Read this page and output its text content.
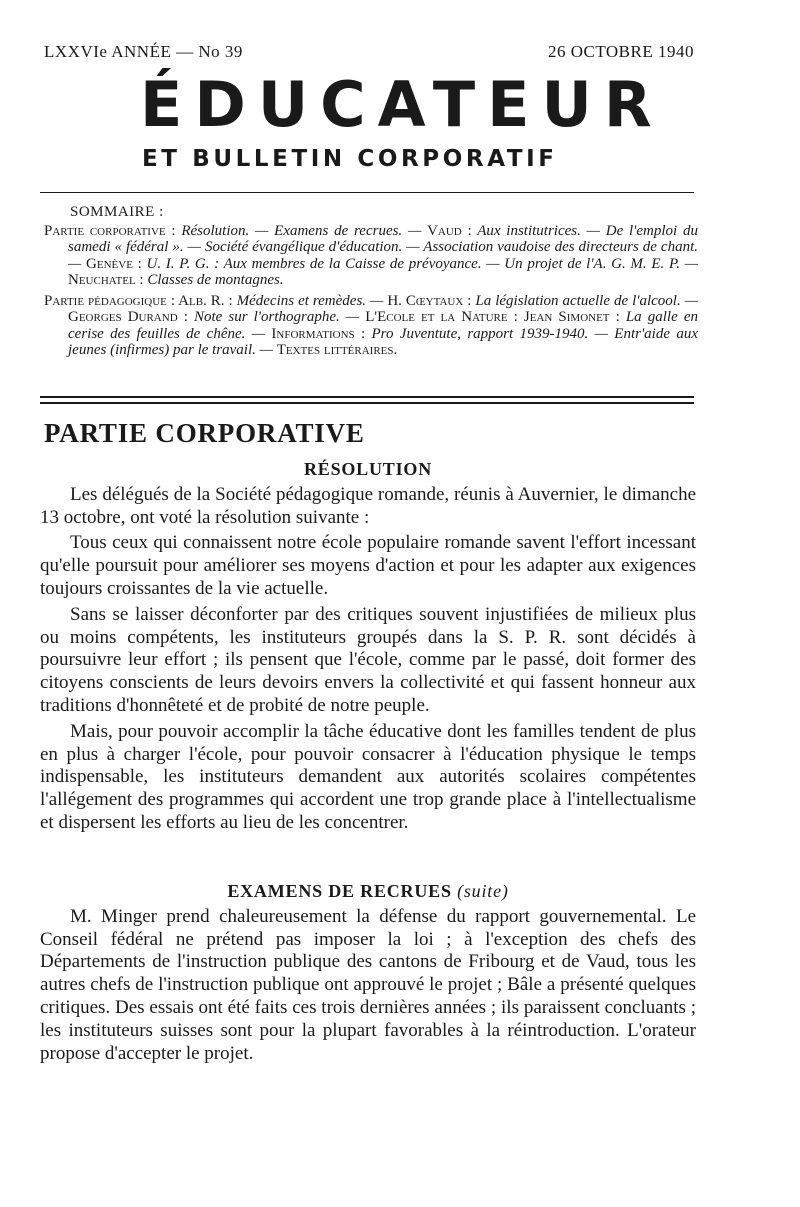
LXXVIe ANNÉE — No 39	26 OCTOBRE 1940
ÉDUCATEUR
ET BULLETIN CORPORATIF
SOMMAIRE :

Partie corporative : Résolution. — Examens de recrues. — Vaud : Aux institutrices. — De l'emploi du samedi « fédéral ». — Société évangélique d'éducation. — Association vaudoise des directeurs de chant. — Genève : U. I. P. G. : Aux membres de la Caisse de prévoyance. — Un projet de l'A. G. M. E. P. — Neuchatel : Classes de montagnes.

Partie pédagogique : Alb. R. : Médecins et remèdes. — H. Cœytaux : La législation actuelle de l'alcool. — Georges Durand : Note sur l'orthographe. — L'Ecole et la Nature : Jean Simonet : La galle en cerise des feuilles de chêne. — Informations : Pro Juventute, rapport 1939-1940. — Entr'aide aux jeunes (infirmes) par le travail. — Textes littéraires.

PARTIE CORPORATIVE
RÉSOLUTION

Les délégués de la Société pédagogique romande, réunis à Auvernier, le dimanche 13 octobre, ont voté la résolution suivante :

Tous ceux qui connaissent notre école populaire romande savent l'effort incessant qu'elle poursuit pour améliorer ses moyens d'action et pour les adapter aux exigences toujours croissantes de la vie actuelle.

Sans se laisser déconforter par des critiques souvent injustifiées de milieux plus ou moins compétents, les instituteurs groupés dans la S. P. R. sont décidés à poursuivre leur effort ; ils pensent que l'école, comme par le passé, doit former des citoyens conscients de leurs devoirs envers la collectivité et qui fassent honneur aux traditions d'honnêteté et de probité de notre peuple.

Mais, pour pouvoir accomplir la tâche éducative dont les familles tendent de plus en plus à charger l'école, pour pouvoir consacrer à l'éducation physique le temps indispensable, les instituteurs demandent aux autorités scolaires compétentes l'allégement des programmes qui accordent une trop grande place à l'intellectualisme et dispersent les efforts au lieu de les concentrer.

EXAMENS DE RECRUES (suite)

M. Minger prend chaleureusement la défense du rapport gouvernemental. Le Conseil fédéral ne prétend pas imposer la loi ; à l'exception des chefs des Départements de l'instruction publique des cantons de Fribourg et de Vaud, tous les autres chefs de l'instruction publique ont approuvé le projet ; Bâle a présenté quelques critiques. Des essais ont été faits ces trois dernières années ; ils paraissent concluants ; les instituteurs suisses sont pour la plupart favorables à la réintroduction. L'orateur propose d'accepter le projet.
